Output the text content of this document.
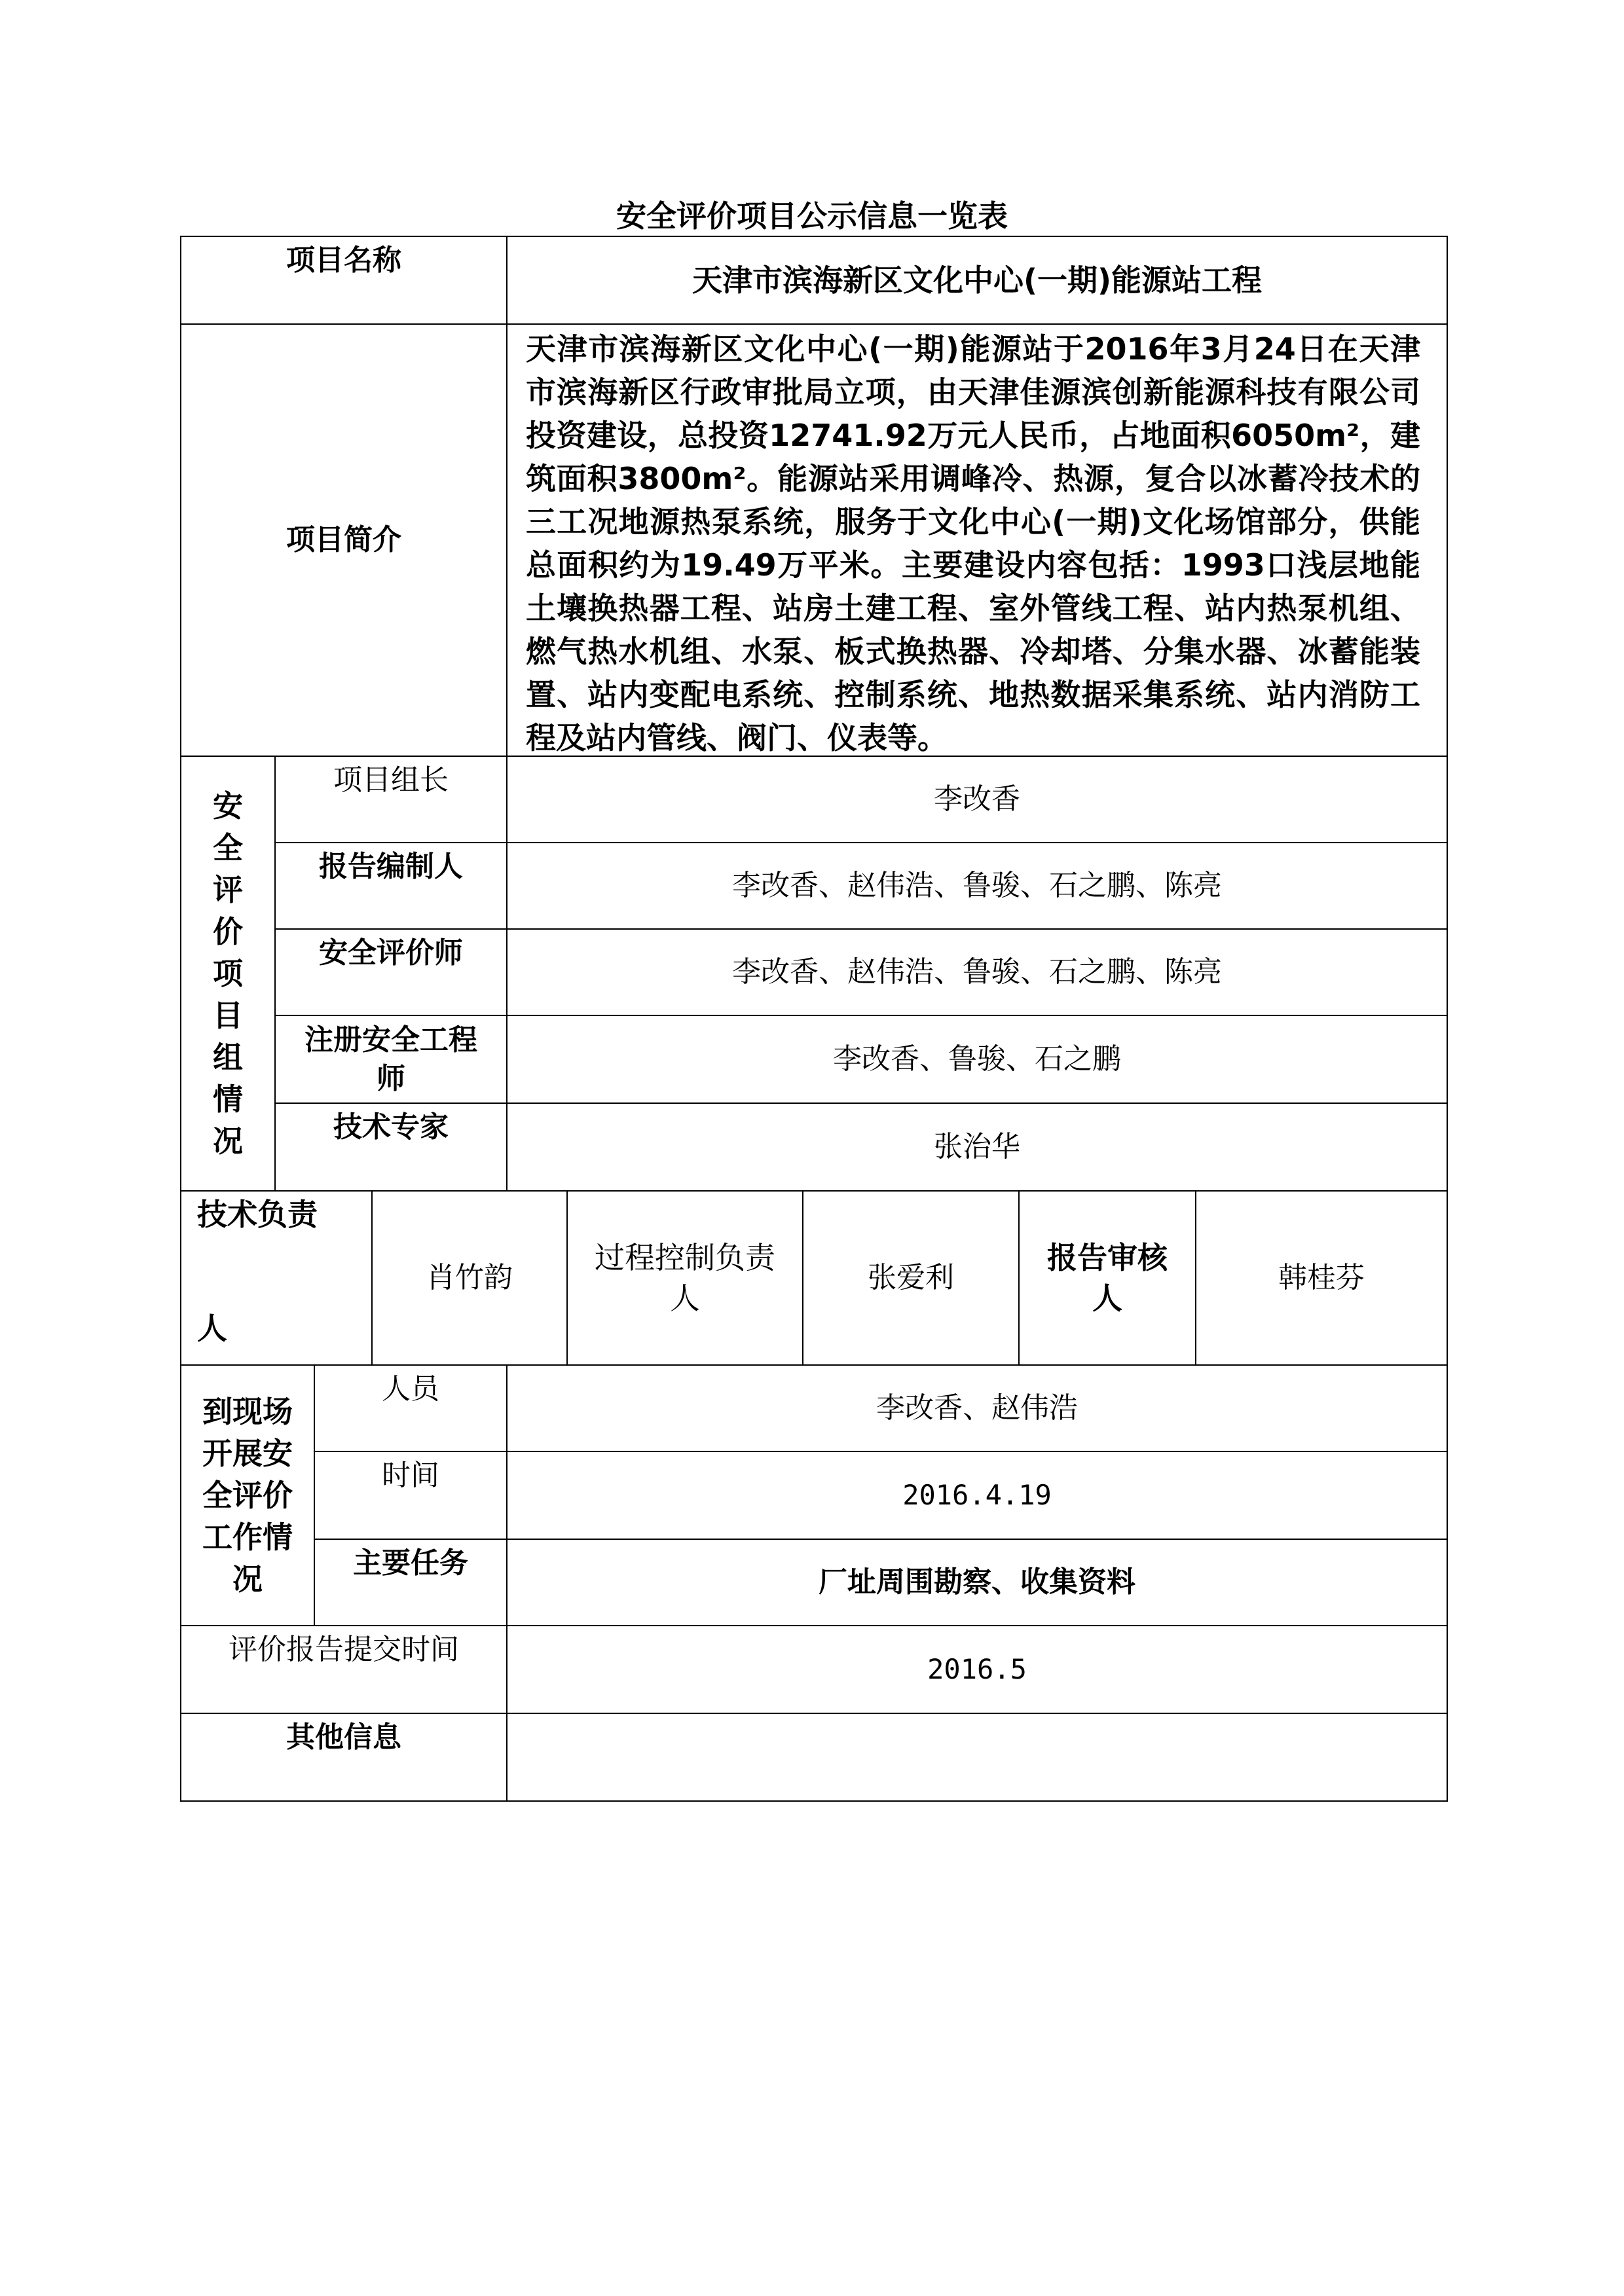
安全评价项目公示信息一览表
项目名称
天津市滨海新区文化中心(一期)能源站工程
项目简介
天津市滨海新区文化中心(一期)能源站于2016年3月24日在天津市滨海新区行政审批局立项，由天津佳源滨创新能源科技有限公司投资建设，总投资12741.92万元人民币，占地面积6050m²，建筑面积3800m²。能源站采用调峰冷、热源，复合以冰蓄冷技术的三工况地源热泵系统，服务于文化中心(一期)文化场馆部分，供能总面积约为19.49万平米。主要建设内容包括：1993口浅层地能土壤换热器工程、站房土建工程、室外管线工程、站内热泵机组、燃气热水机组、水泵、板式换热器、冷却塔、分集水器、冰蓄能装置、站内变配电系统、控制系统、地热数据采集系统、站内消防工程及站内管线、阀门、仪表等。
安
全
评
价
项
目
组
情
况
项目组长
李改香
报告编制人
李改香、赵伟浩、鲁骏、石之鹏、陈亮
安全评价师
李改香、赵伟浩、鲁骏、石之鹏、陈亮
注册安全工程师
李改香、鲁骏、石之鹏
技术专家
张治华
技术负责
人
肖竹韵
过程控制负责
人
张爱利
报告审核
人
韩桂芬
到现场
开展安
全评价
工作情
况
人员
李改香、赵伟浩
时间
2016.4.19
主要任务
厂址周围勘察、收集资料
评价报告提交时间
2016.5
其他信息
